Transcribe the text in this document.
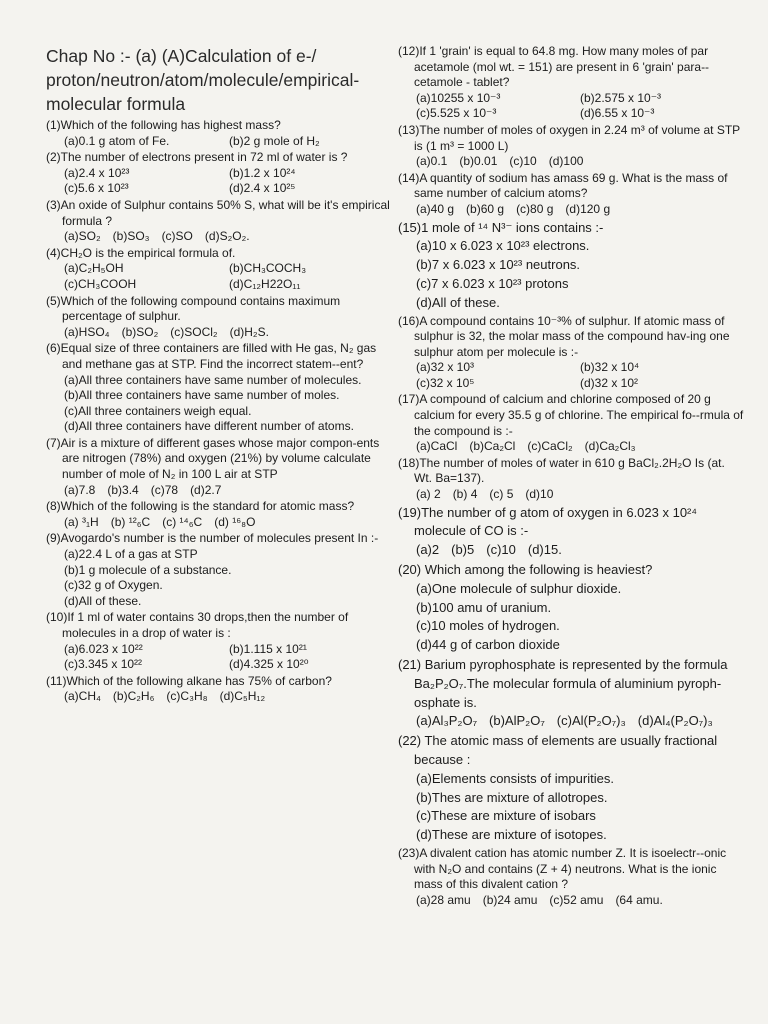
Chap No :- (a) (A)Calculation of e-/ proton/neutron/atom/molecule/empirical-molecular formula
(1)Which of the following has highest mass?
(a)0.1 g atom of Fe.	(b)2 g mole of H₂
(2)The number of electrons present in 72 ml of water is ?
(a)2.4 x 10²³	(b)1.2 x 10²⁴
(c)5.6 x 10²³	(d)2.4 x 10²⁵
(3)An oxide of Sulphur contains 50% S, what will be it's empirical formula ?
(a)SO₂ (b)SO₃ (c)SO (d)S₂O₂.
(4)CH₂O is the empirical formula of.
(a)C₂H₅OH	(b)CH₃COCH₃
(c)CH₃COOH	(d)C₁₂H22O₁₁
(5)Which of the following compound contains maximum percentage of sulphur.
(a)HSO₄ (b)SO₂ (c)SOCl₂ (d)H₂S.
(6)Equal size of three containers are filled with He gas, N₂ gas and methane gas at STP. Find the incorrect statem--ent?
(a)All three containers have same number of molecules.
(b)All three containers have same number of moles.
(c)All three containers weigh equal.
(d)All three containers have different number of atoms.
(7)Air is a mixture of different gases whose major compon-ents are nitrogen (78%) and oxygen (21%) by volume calculate number of mole of N₂ in 100 L air at STP
(a)7.8 (b)3.4 (c)78 (d)2.7
(8)Which of the following is the standard for atomic mass?
(a) ³₁H (b) ¹²₆C (c) ¹⁴₆C (d) ¹⁶₈O
(9)Avogardo's number is the number of molecules present In :-
(a)22.4 L of a gas at STP
(b)1 g molecule of a substance.
(c)32 g of Oxygen.
(d)All of these.
(10)If 1 ml of water contains 30 drops,then the number of molecules in a drop of water is :
(a)6.023 x 10²²	(b)1.115 x 10²¹
(c)3.345 x 10²²	(d)4.325 x 10²⁰
(11)Which of the following alkane has 75% of carbon?
(a)CH₄ (b)C₂H₆ (c)C₃H₈ (d)C₅H₁₂
(12)If 1 'grain' is equal to 64.8 mg. How many moles of par acetamole (mol wt. = 151) are present in 6 'grain' para--cetamole - tablet?
(a)10255 x 10⁻³	(b)2.575 x 10⁻³
(c)5.525 x 10⁻³	(d)6.55 x 10⁻³
(13)The number of moles of oxygen in 2.24 m³ of volume at STP is (1 m³ = 1000 L)
(a)0.1 (b)0.01 (c)10 (d)100
(14)A quantity of sodium has amass 69 g. What is the mass of same number of calcium atoms?
(a)40 g (b)60 g (c)80 g (d)120 g
(15)1 mole of ¹⁴ N³⁻ ions contains :-
(a)10 x 6.023 x 10²³ electrons.
(b)7 x 6.023 x 10²³ neutrons.
(c)7 x 6.023 x 10²³ protons
(d)All of these.
(16)A compound contains 10⁻³% of sulphur. If atomic mass of sulphur is 32, the molar mass of the compound hav-ing one sulphur atom per molecule is :-
(a)32 x 10³	(b)32 x 10⁴
(c)32 x 10⁵	(d)32 x 10²
(17)A compound of calcium and chlorine composed of 20 g calcium for every 35.5 g of chlorine. The empirical fo--rmula of the compound is :-
(a)CaCl (b)Ca₂Cl (c)CaCl₂ (d)Ca₂Cl₃
(18)The number of moles of water in 610 g BaCl₂.2H₂O Is (at. Wt. Ba=137).
(a) 2 (b) 4 (c) 5 (d)10
(19)The number of g atom of oxygen in 6.023 x 10²⁴ molecule of CO is :-
(a)2 (b)5 (c)10 (d)15.
(20) Which among the following is heaviest?
(a)One molecule of sulphur dioxide.
(b)100 amu of uranium.
(c)10 moles of hydrogen.
(d)44 g of carbon dioxide
(21) Barium pyrophosphate is represented by the formula Ba₂P₂O₇.The molecular formula of aluminium pyroph-osphate is.
(a)Al₃P₂O₇ (b)AlP₂O₇ (c)Al(P₂O₇)₃ (d)Al₄(P₂O₇)₃
(22) The atomic mass of elements are usually fractional because :
(a)Elements consists of impurities.
(b)Thes are mixture of allotropes.
(c)These are mixture of isobars
(d)These are mixture of isotopes.
(23)A divalent cation has atomic number Z. It is isoelectr--onic with N₂O and contains (Z + 4) neutrons. What is the ionic mass of this divalent cation ?
(a)28 amu (b)24 amu (c)52 amu (64 amu.
